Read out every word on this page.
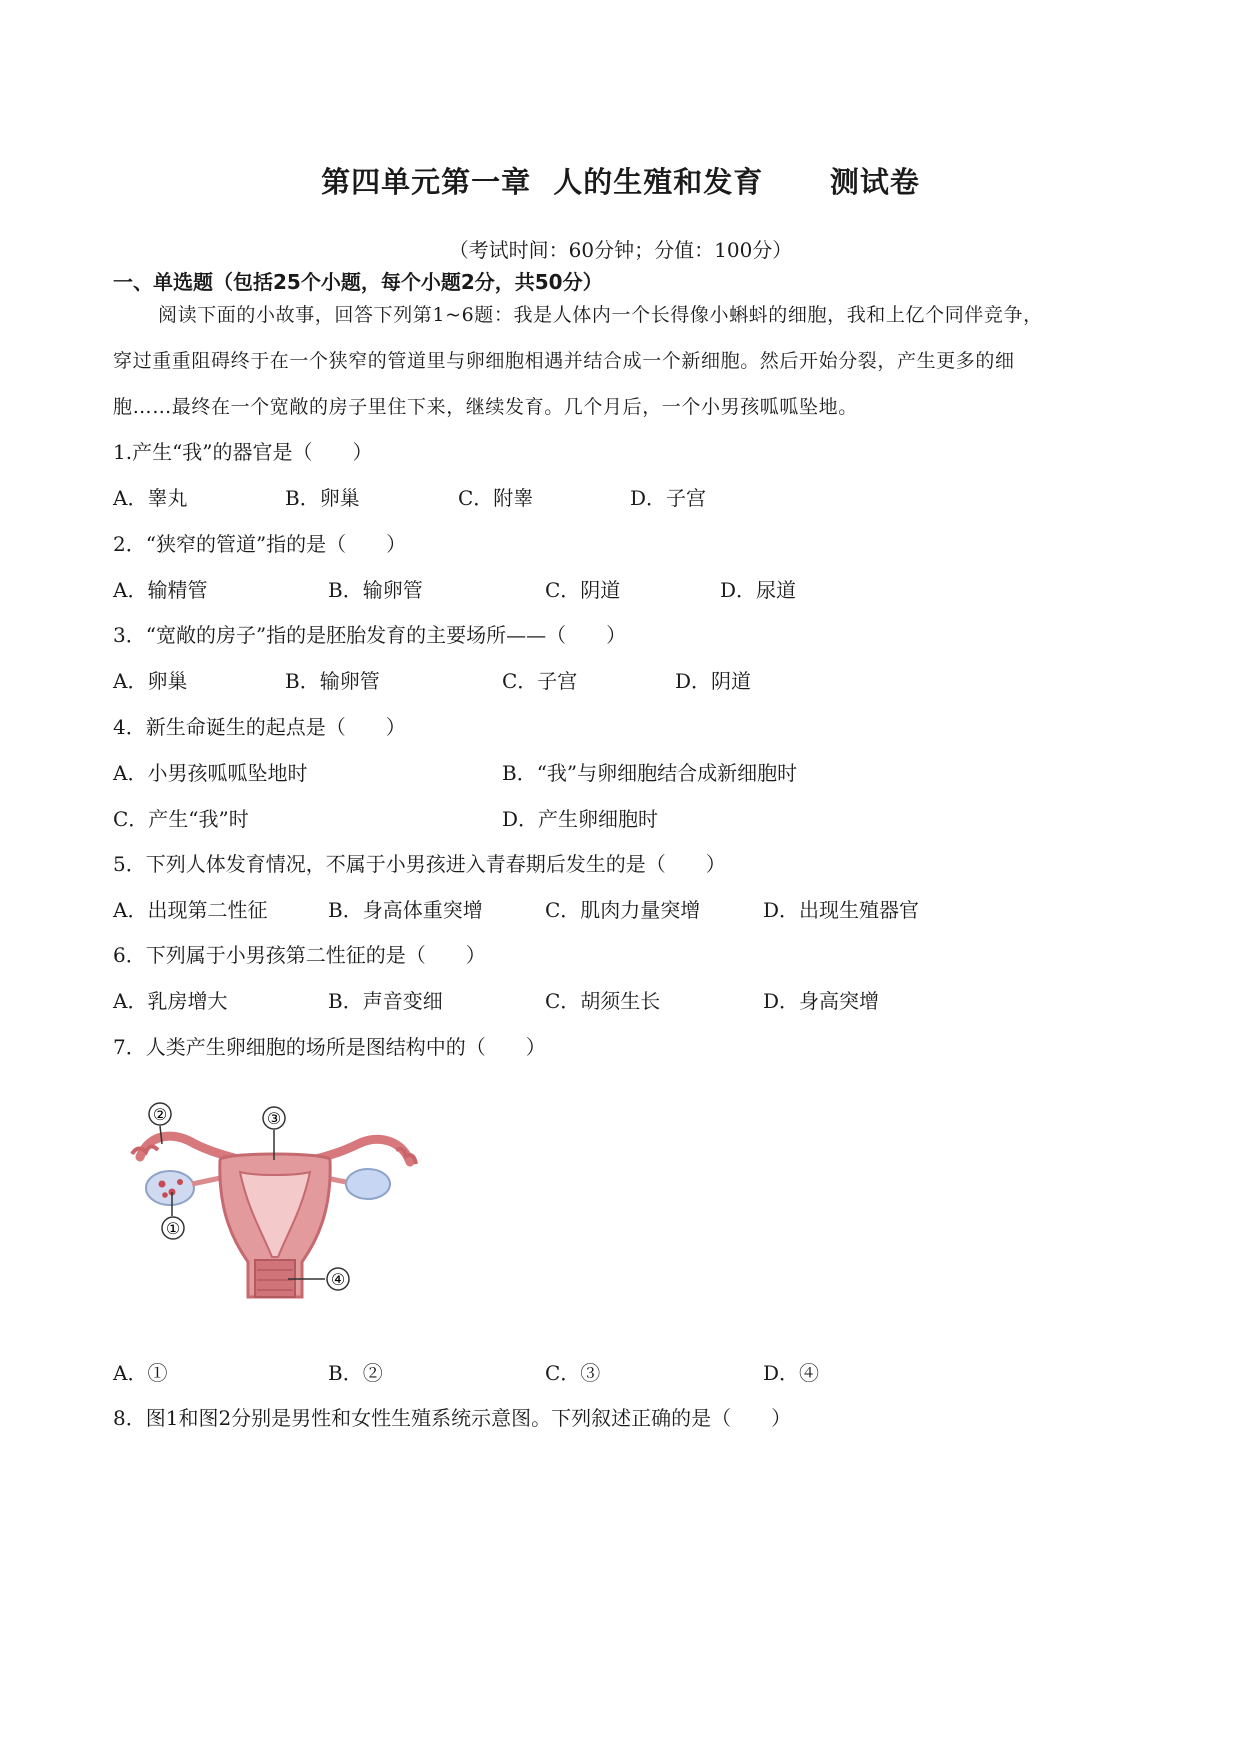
第四单元第一章  人的生殖和发育      测试卷
（考试时间：60分钟；分值：100分）
一、单选题（包括25个小题，每个小题2分，共50分）
阅读下面的小故事，回答下列第1~6题：我是人体内一个长得像小蝌蚪的细胞，我和上亿个同伴竞争，
穿过重重阻碍终于在一个狭窄的管道里与卵细胞相遇并结合成一个新细胞。然后开始分裂，产生更多的细
胞……最终在一个宽敞的房子里住下来，继续发育。几个月后，一个小男孩呱呱坠地。
1.产生“我”的器官是（　　）
A．睾丸	B．卵巢	C．附睾	D．子宫
2．“狭窄的管道”指的是（　　）
A．输精管	B．输卵管	C．阴道	D．尿道
3．“宽敞的房子”指的是胚胎发育的主要场所——（　　）
A．卵巢	B．输卵管	C．子宫	D．阴道
4．新生命诞生的起点是（　　）
A．小男孩呱呱坠地时	B．“我”与卵细胞结合成新细胞时
C．产生“我”时	D．产生卵细胞时
5．下列人体发育情况，不属于小男孩进入青春期后发生的是（　　）
A．出现第二性征	B．身高体重突增	C．肌肉力量突增	D．出现生殖器官
6．下列属于小男孩第二性征的是（　　）
A．乳房增大	B．声音变细	C．胡须生长	D．身高突增
7．人类产生卵细胞的场所是图结构中的（　　）
②	③
①
④
A．①	B．②	C．③	D．④
8．图1和图2分别是男性和女性生殖系统示意图。下列叙述正确的是（　　）
